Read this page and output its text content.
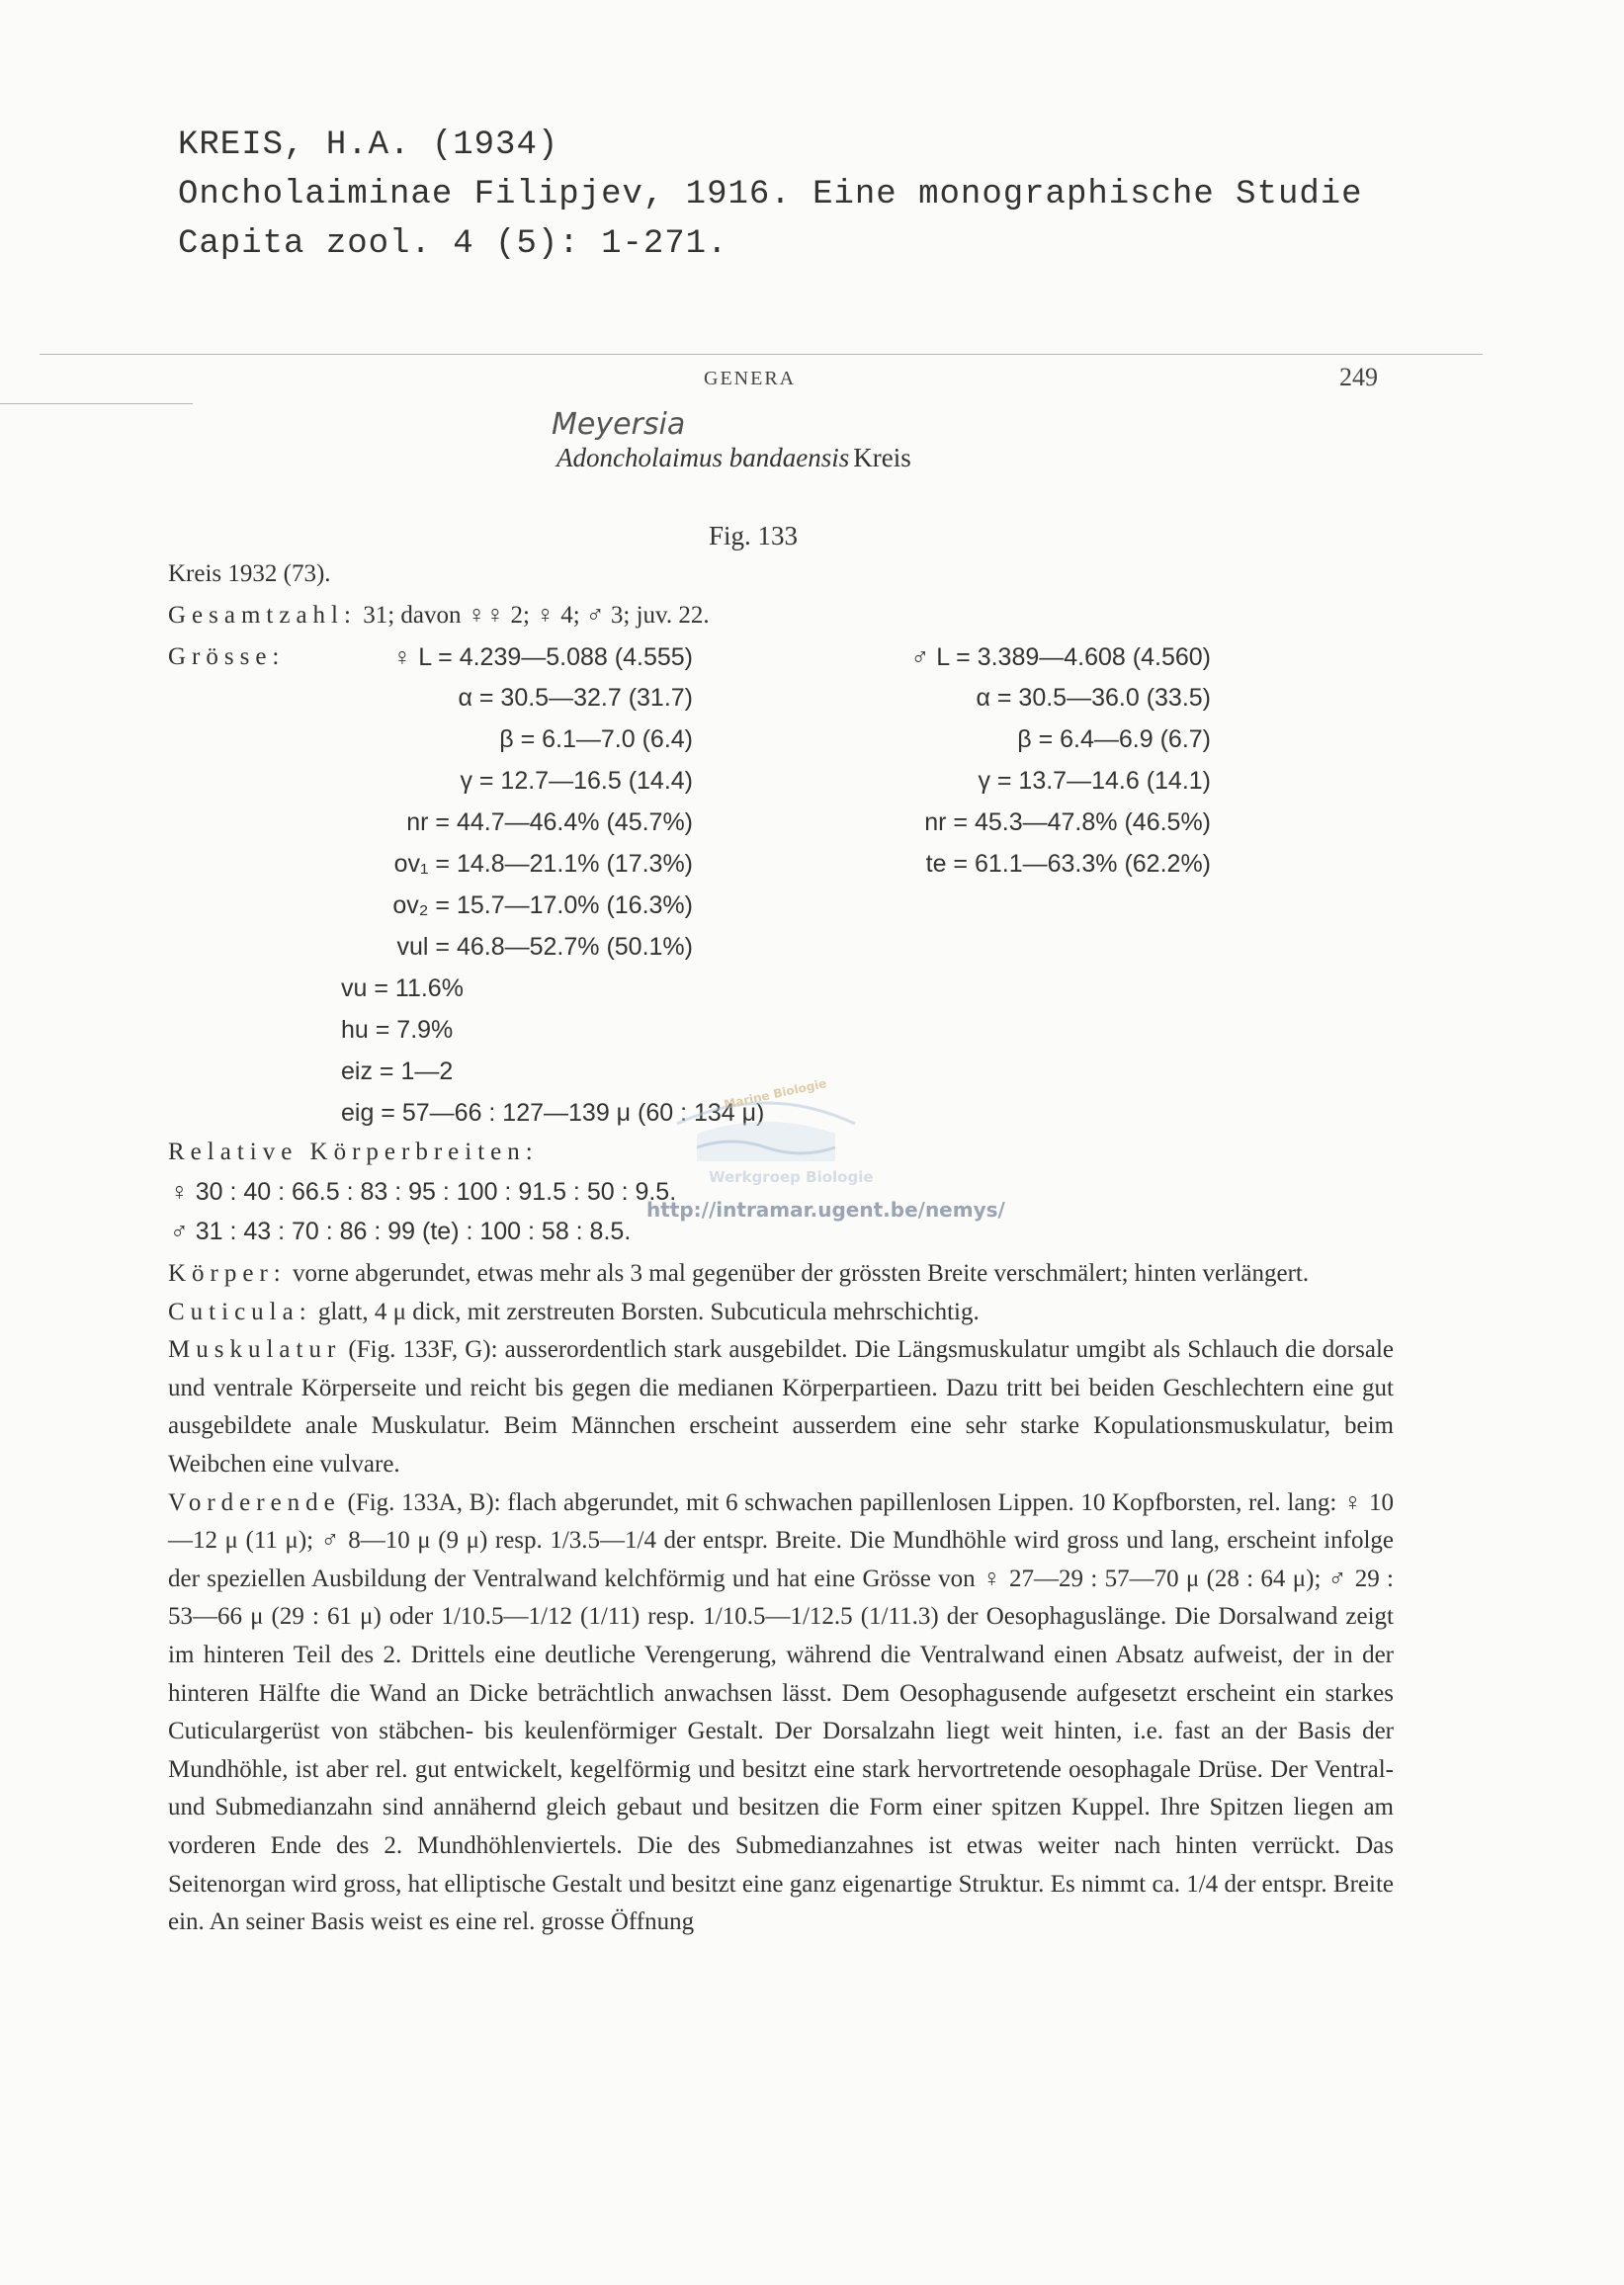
KREIS, H.A. (1934)
Oncholaiminae Filipjev, 1916. Eine monographische Studie
Capita zool. 4 (5): 1-271.
GENERA	249
Meyersia
Adoncholaimus bandaensis Kreis
Fig. 133
Kreis 1932 (73).
Gesamtzahl: 31; davon ♀♀ 2; ♀ 4; ♂ 3; juv. 22.
Grösse:	♀ L = 4.239—5.088 (4.555)
α = 30.5—32.7 (31.7)
β = 6.1—7.0 (6.4)
γ = 12.7—16.5 (14.4)
nr = 44.7—46.4% (45.7%)
ov₁ = 14.8—21.1% (17.3%)
ov₂ = 15.7—17.0% (16.3%)
vul = 46.8—52.7% (50.1%)
vu = 11.6%
hu = 7.9%
eiz = 1—2
eig = 57—66 : 127—139 μ (60 : 134 μ)
♂ L = 3.389—4.608 (4.560)
α = 30.5—36.0 (33.5)
β = 6.4—6.9 (6.7)
γ = 13.7—14.6 (14.1)
nr = 45.3—47.8% (46.5%)
te = 61.1—63.3% (62.2%)
Marine Biologie
Werkgroep Biologie
Relative Körperbreiten:
♀ 30 : 40 : 66.5 : 83 : 95 : 100 : 91.5 : 50 : 9.5.
♂ 31 : 43 : 70 : 86 : 99 (te) : 100 : 58 : 8.5.
http://intramar.ugent.be/nemys/

Körper: vorne abgerundet, etwas mehr als 3 mal gegenüber der grössten Breite verschmälert; hinten verlängert.

Cuticula: glatt, 4 μ dick, mit zerstreuten Borsten. Subcuticula mehrschichtig.

Muskulatur (Fig. 133F, G): ausserordentlich stark ausgebildet. Die Längsmuskulatur umgibt als Schlauch die dorsale und ventrale Körperseite und reicht bis gegen die medianen Körperpartieen. Dazu tritt bei beiden Geschlechtern eine gut ausgebildete anale Muskulatur. Beim Männchen erscheint ausserdem eine sehr starke Kopulationsmuskulatur, beim Weibchen eine vulvare.

Vorderende (Fig. 133A, B): flach abgerundet, mit 6 schwachen papillenlosen Lippen. 10 Kopfborsten, rel. lang: ♀ 10—12 μ (11 μ); ♂ 8—10 μ (9 μ) resp. 1/3.5—1/4 der entspr. Breite. Die Mundhöhle wird gross und lang, erscheint infolge der speziellen Ausbildung der Ventralwand kelchförmig und hat eine Grösse von ♀ 27—29 : 57—70 μ (28 : 64 μ); ♂ 29 : 53—66 μ (29 : 61 μ) oder 1/10.5—1/12 (1/11) resp. 1/10.5—1/12.5 (1/11.3) der Oesophaguslänge. Die Dorsalwand zeigt im hinteren Teil des 2. Drittels eine deutliche Verengerung, während die Ventralwand einen Absatz aufweist, der in der hinteren Hälfte die Wand an Dicke beträchtlich anwachsen lässt. Dem Oesophagusende aufgesetzt erscheint ein starkes Cuticulargerüst von stäbchen- bis keulenförmiger Gestalt. Der Dorsalzahn liegt weit hinten, i.e. fast an der Basis der Mundhöhle, ist aber rel. gut entwickelt, kegelförmig und besitzt eine stark hervortretende oesophagale Drüse. Der Ventral- und Submedianzahn sind annähernd gleich gebaut und besitzen die Form einer spitzen Kuppel. Ihre Spitzen liegen am vorderen Ende des 2. Mundhöhlenviertels. Die des Submedianzahnes ist etwas weiter nach hinten verrückt. Das Seitenorgan wird gross, hat elliptische Gestalt und besitzt eine ganz eigenartige Struktur. Es nimmt ca. 1/4 der entspr. Breite ein. An seiner Basis weist es eine rel. grosse Öffnung
